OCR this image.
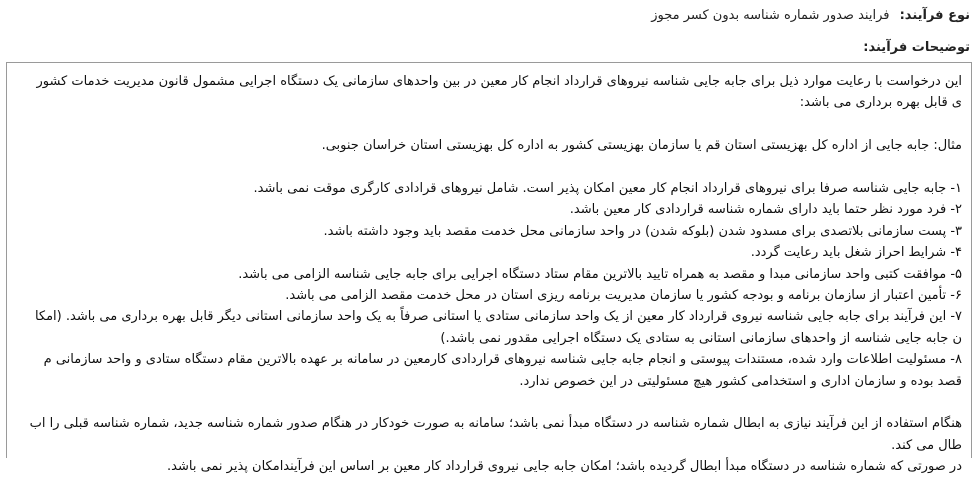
نوع فرآیند: فرایند صدور شماره شناسه بدون کسر مجوز
توضیحات فرآیند:

این درخواست با رعایت موارد ذیل برای جابه جایی شناسه نیروهای قرارداد انجام کار معین در بین واحدهای سازمانی یک دستگاه اجرایی مشمول قانون مدیریت خدمات کشور

ی قابل بهره برداری می باشد:

مثال: جابه جایی از اداره کل بهزیستی استان قم یا سازمان بهزیستی کشور به اداره کل بهزیستی استان خراسان جنوبی.

۱- جابه جایی شناسه صرفا برای نیروهای قرارداد انجام کار معین امکان پذیر است. شامل نیروهای قرادادی کارگری موقت نمی باشد.

۲- فرد مورد نظر حتما باید دارای شماره شناسه قراردادی کار معین باشد.

۳- پست سازمانی بلاتصدی برای مسدود شدن (بلوکه شدن) در واحد سازمانی محل خدمت مقصد باید وجود داشته باشد.

۴- شرایط احراز شغل باید رعایت گردد.

۵- موافقت کتبی واحد سازمانی مبدا و مقصد به همراه تایید بالاترین مقام ستاد دستگاه اجرایی برای جابه جایی شناسه الزامی می باشد.

۶- تأمین اعتبار از سازمان برنامه و بودجه کشور یا سازمان مدیریت برنامه ریزی استان در محل خدمت مقصد الزامی می باشد.

۷- این فرآیند برای جابه جایی شناسه نیروی قرارداد کار معین از یک واحد سازمانی ستادی یا استانی صرفاً به یک واحد سازمانی استانی دیگر قابل بهره برداری می باشد. (امکا

ن جابه جایی شناسه از واحدهای سازمانی استانی به ستادی یک دستگاه اجرایی مقدور نمی باشد.)

۸- مسئولیت اطلاعات وارد شده، مستندات پیوستی و انجام جابه جایی شناسه نیروهای قراردادی کارمعین در سامانه بر عهده بالاترین مقام دستگاه ستادی و واحد سازمانی م

قصد بوده و سازمان اداری و استخدامی کشور هیچ مسئولیتی در این خصوص ندارد.

هنگام استفاده از این فرآیند نیازی به ابطال شماره شناسه در دستگاه مبدأ نمی باشد؛ سامانه به صورت خودکار در هنگام صدور شماره شناسه جدید، شماره شناسه قبلی را اب

طال می کند.

در صورتی که شماره شناسه در دستگاه مبدأ ابطال گردیده باشد؛ امکان جابه جایی نیروی قرارداد کار معین بر اساس این فرآیندامکان پذیر نمی باشد.
